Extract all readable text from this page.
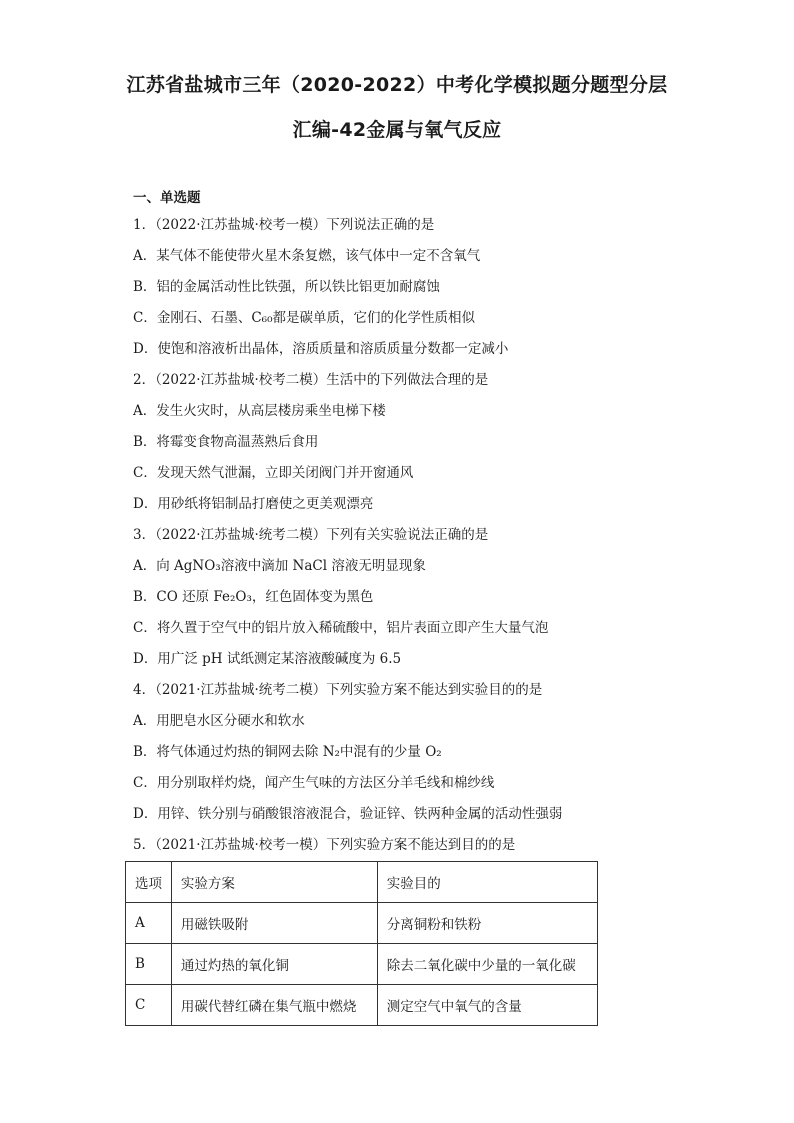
江苏省盐城市三年（2020-2022）中考化学模拟题分题型分层
汇编-42金属与氧气反应
一、单选题
1．（2022·江苏盐城·校考一模）下列说法正确的是
A．某气体不能使带火星木条复燃，该气体中一定不含氧气
B．铝的金属活动性比铁强，所以铁比铝更加耐腐蚀
C．金刚石、石墨、C₆₀都是碳单质，它们的化学性质相似
D．使饱和溶液析出晶体，溶质质量和溶质质量分数都一定减小
2．（2022·江苏盐城·校考二模）生活中的下列做法合理的是
A．发生火灾时，从高层楼房乘坐电梯下楼
B．将霉变食物高温蒸熟后食用
C．发现天然气泄漏，立即关闭阀门并开窗通风
D．用砂纸将铝制品打磨使之更美观漂亮
3．（2022·江苏盐城·统考二模）下列有关实验说法正确的是
A．向 AgNO₃溶液中滴加 NaCl 溶液无明显现象
B．CO 还原 Fe₂O₃，红色固体变为黑色
C．将久置于空气中的铝片放入稀硫酸中，铝片表面立即产生大量气泡
D．用广泛 pH 试纸测定某溶液酸碱度为 6.5
4．（2021·江苏盐城·统考二模）下列实验方案不能达到实验目的的是
A．用肥皂水区分硬水和软水
B．将气体通过灼热的铜网去除 N₂中混有的少量 O₂
C．用分别取样灼烧，闻产生气味的方法区分羊毛线和棉纱线
D．用锌、铁分别与硝酸银溶液混合，验证锌、铁两种金属的活动性强弱
5．（2021·江苏盐城·校考一模）下列实验方案不能达到目的的是
选项	实验方案	实验目的
A	用磁铁吸附	分离铜粉和铁粉
B	通过灼热的氧化铜	除去二氧化碳中少量的一氧化碳
C	用碳代替红磷在集气瓶中燃烧	测定空气中氧气的含量
